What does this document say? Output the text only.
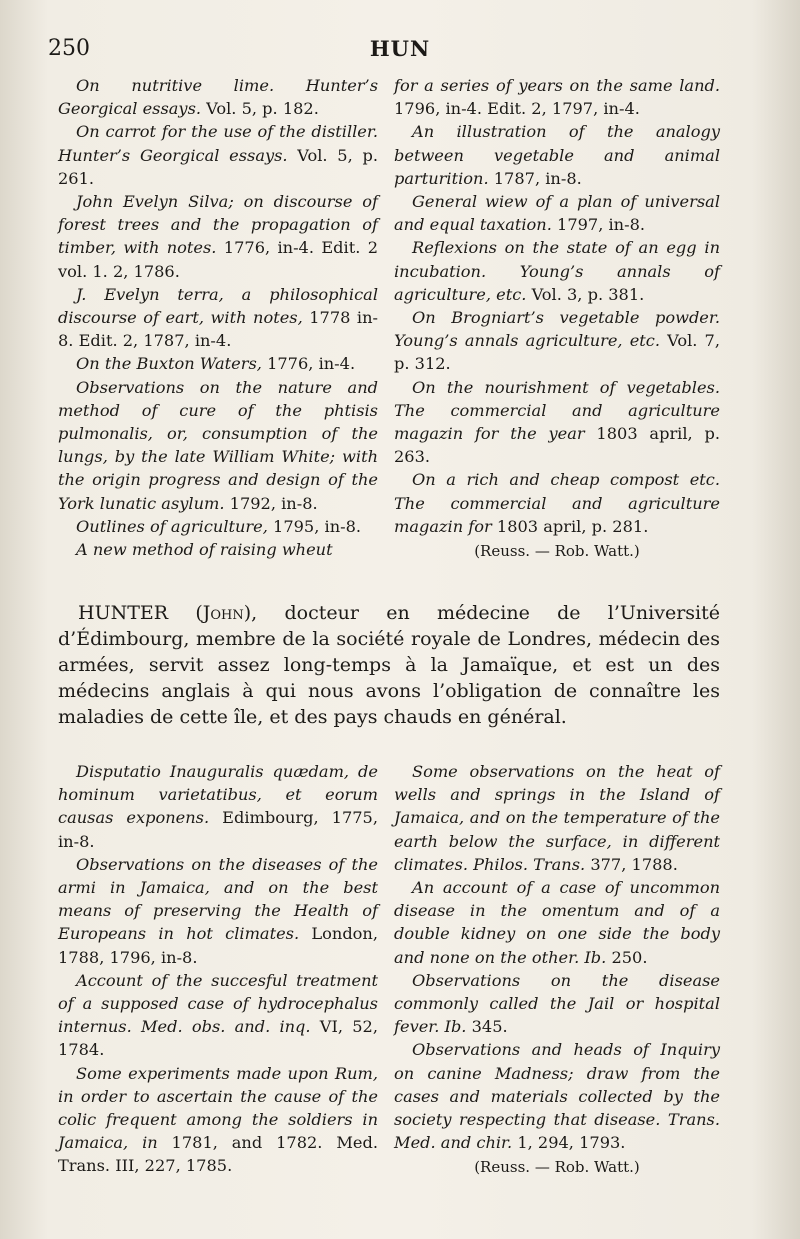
250	HUN

On nutritive lime. Hunter’s Georgical essays. Vol. 5, p. 182.

On carrot for the use of the distiller. Hunter’s Georgical essays. Vol. 5, p. 261.

John Evelyn Silva; on discourse of forest trees and the propagation of timber, with notes. 1776, in-4. Edit. 2 vol. 1. 2, 1786.

J. Evelyn terra, a philosophical discourse of eart, with notes, 1778 in-8. Edit. 2, 1787, in-4.

On the Buxton Waters, 1776, in-4.

Observations on the nature and method of cure of the phtisis pulmonalis, or, consumption of the lungs, by the late William White; with the origin progress and design of the York lunatic asylum. 1792, in-8.

Outlines of agriculture, 1795, in-8.

A new method of raising wheut

for a series of years on the same land. 1796, in-4. Edit. 2, 1797, in-4.

An illustration of the analogy between vegetable and animal parturition. 1787, in-8.

General wiew of a plan of universal and equal taxation. 1797, in-8.

Reflexions on the state of an egg in incubation. Young’s annals of agriculture, etc. Vol. 3, p. 381.

On Brogniart’s vegetable powder. Young’s annals agriculture, etc. Vol. 7, p. 312.

On the nourishment of vegetables. The commercial and agriculture magazin for the year 1803 april, p. 263.

On a rich and cheap compost etc. The commercial and agriculture magazin for 1803 april, p. 281.

(Reuss. — Rob. Watt.)

HUNTER (John), docteur en médecine de l’Université d’Édimbourg, membre de la société royale de Londres, médecin des armées, servit assez long-temps à la Jamaïque, et est un des médecins anglais à qui nous avons l’obligation de connaître les maladies de cette île, et des pays chauds en général.

Disputatio Inauguralis quædam, de hominum varietatibus, et eorum causas exponens. Edimbourg, 1775, in-8.

Observations on the diseases of the armi in Jamaica, and on the best means of preserving the Health of Europeans in hot climates. London, 1788, 1796, in-8.

Account of the succesful treatment of a supposed case of hydrocephalus internus. Med. obs. and. inq. VI, 52, 1784.

Some experiments made upon Rum, in order to ascertain the cause of the colic frequent among the soldiers in Jamaica, in 1781, and 1782. Med. Trans. III, 227, 1785.

Some observations on the heat of wells and springs in the Island of Jamaica, and on the temperature of the earth below the surface, in different climates. Philos. Trans. 377, 1788.

An account of a case of uncommon disease in the omentum and of a double kidney on one side the body and none on the other. Ib. 250.

Observations on the disease commonly called the Jail or hospital fever. Ib. 345.

Observations and heads of Inquiry on canine Madness; draw from the cases and materials collected by the society respecting that disease. Trans. Med. and chir. 1, 294, 1793.

(Reuss. — Rob. Watt.)
